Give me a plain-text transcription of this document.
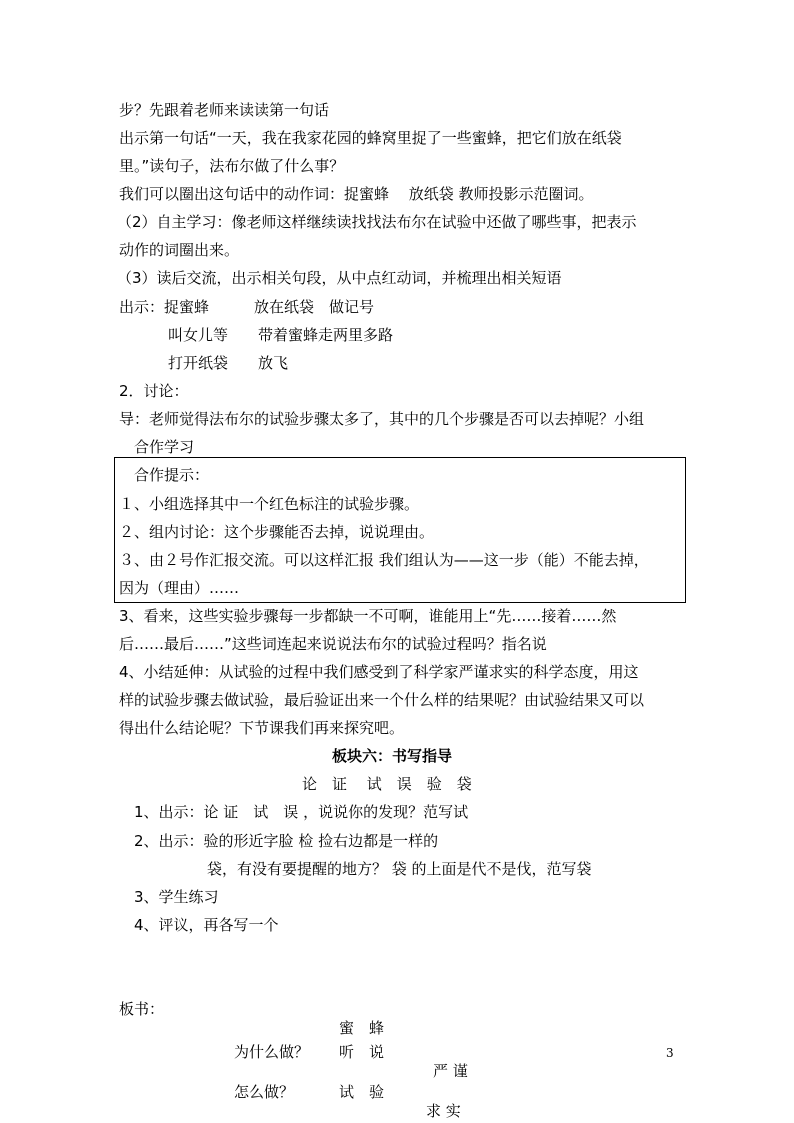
步？先跟着老师来读读第一句话
出示第一句话“一天，我在我家花园的蜂窝里捉了一些蜜蜂，把它们放在纸袋
里。”读句子，法布尔做了什么事？
我们可以圈出这句话中的动作词：捉蜜蜂　 放纸袋 教师投影示范圈词。
（2）自主学习：像老师这样继续读找找法布尔在试验中还做了哪些事，把表示
动作的词圈出来。
（3）读后交流，出示相关句段，从中点红动词，并梳理出相关短语
出示：捉蜜蜂　　　放在纸袋　做记号
叫女儿等　　带着蜜蜂走两里多路
打开纸袋　　放飞
2．讨论：
导：老师觉得法布尔的试验步骤太多了，其中的几个步骤是否可以去掉呢？小组
合作学习
合作提示：
１、小组选择其中一个红色标注的试验步骤。
２、组内讨论：这个步骤能否去掉，说说理由。
３、由２号作汇报交流。可以这样汇报 我们组认为——这一步（能）不能去掉，
因为（理由）……
3、看来，这些实验步骤每一步都缺一不可啊，谁能用上“先……接着……然
后……最后……”这些词连起来说说法布尔的试验过程吗？指名说
4、小结延伸：从试验的过程中我们感受到了科学家严谨求实的科学态度，用这
样的试验步骤去做试验，最后验证出来一个什么样的结果呢？由试验结果又可以
得出什么结论呢？下节课我们再来探究吧。
板块六：书写指导
论　证　 试　误　验　袋
1、出示：论 证　试　误 ，说说你的发现？范写试
2、出示：验的形近字脸 检 捡右边都是一样的
袋，有没有要提醒的地方？ 袋 的上面是代不是伐，范写袋
3、学生练习
4、评议，再各写一个
板书：
蜜　蜂
为什么做？ 听　说	3
严 谨
怎么做？	试　验
求 实
